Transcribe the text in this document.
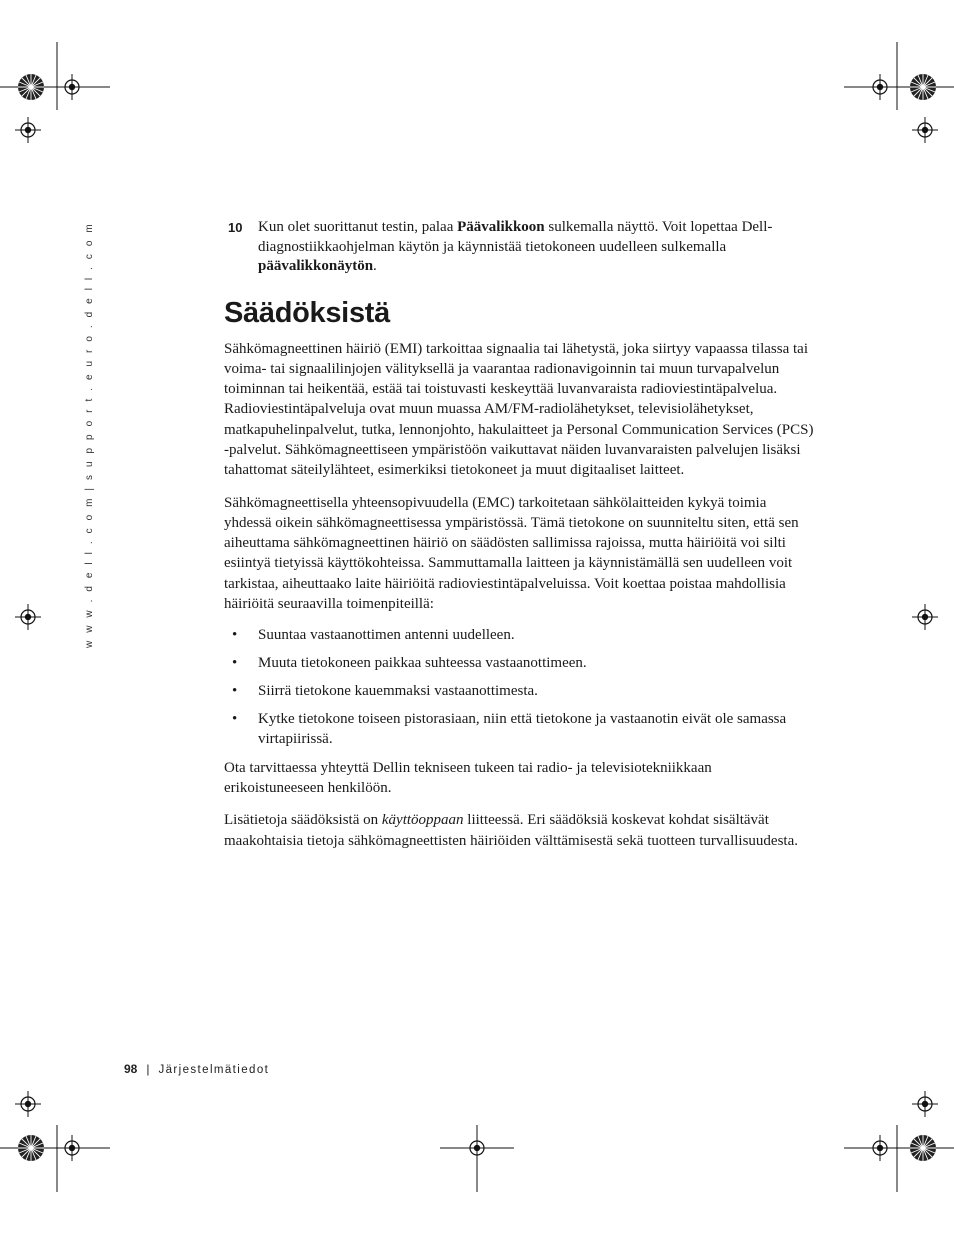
w w w . d e l l . c o m | s u p p o r t . e u r o . d e l l . c o m	10 Kun olet suorittanut testin, palaa Päävalikkoon sulkemalla näyttö. Voit lopettaa Dell-diagnostiikkaohjelman käytön ja käynnistää tietokoneen uudelleen sulkemalla päävalikkonäytön.
Säädöksistä

Sähkömagneettinen häiriö (EMI) tarkoittaa signaalia tai lähetystä, joka siirtyy vapaassa tilassa tai voima- tai signaalilinjojen välityksellä ja vaarantaa radionavigoinnin tai muun turvapalvelun toiminnan tai heikentää, estää tai toistuvasti keskeyttää luvanvaraista radioviestintäpalvelua. Radioviestintäpalveluja ovat muun muassa AM/FM-radiolähetykset, televisiolähetykset, matkapuhelinpalvelut, tutka, lennonjohto, hakulaitteet ja Personal Communication Services (PCS) -palvelut. Sähkömagneettiseen ympäristöön vaikuttavat näiden luvanvaraisten palvelujen lisäksi tahattomat säteilylähteet, esimerkiksi tietokoneet ja muut digitaaliset laitteet.

Sähkömagneettisella yhteensopivuudella (EMC) tarkoitetaan sähkölaitteiden kykyä toimia yhdessä oikein sähkömagneettisessa ympäristössä. Tämä tietokone on suunniteltu siten, että sen aiheuttama sähkömagneettinen häiriö on säädösten sallimissa rajoissa, mutta häiriöitä voi silti esiintyä tietyissä käyttökohteissa. Sammuttamalla laitteen ja käynnistämällä sen uudelleen voit tarkistaa, aiheuttaako laite häiriöitä radioviestintäpalveluissa. Voit koettaa poistaa mahdollisia häiriöitä seuraavilla toimenpiteillä:

• Suuntaa vastaanottimen antenni uudelleen.
• Muuta tietokoneen paikkaa suhteessa vastaanottimeen.
• Siirrä tietokone kauemmaksi vastaanottimesta.
• Kytke tietokone toiseen pistorasiaan, niin että tietokone ja vastaanotin eivät ole samassa virtapiirissä.

Ota tarvittaessa yhteyttä Dellin tekniseen tukeen tai radio- ja televisiotekniikkaan erikoistuneeseen henkilöön.

Lisätietoja säädöksistä on käyttöoppaan liitteessä. Eri säädöksiä koskevat kohdat sisältävät maakohtaisia tietoja sähkömagneettisten häiriöiden välttämisestä sekä tuotteen turvallisuudesta.

98 | Järjestelmätiedot
